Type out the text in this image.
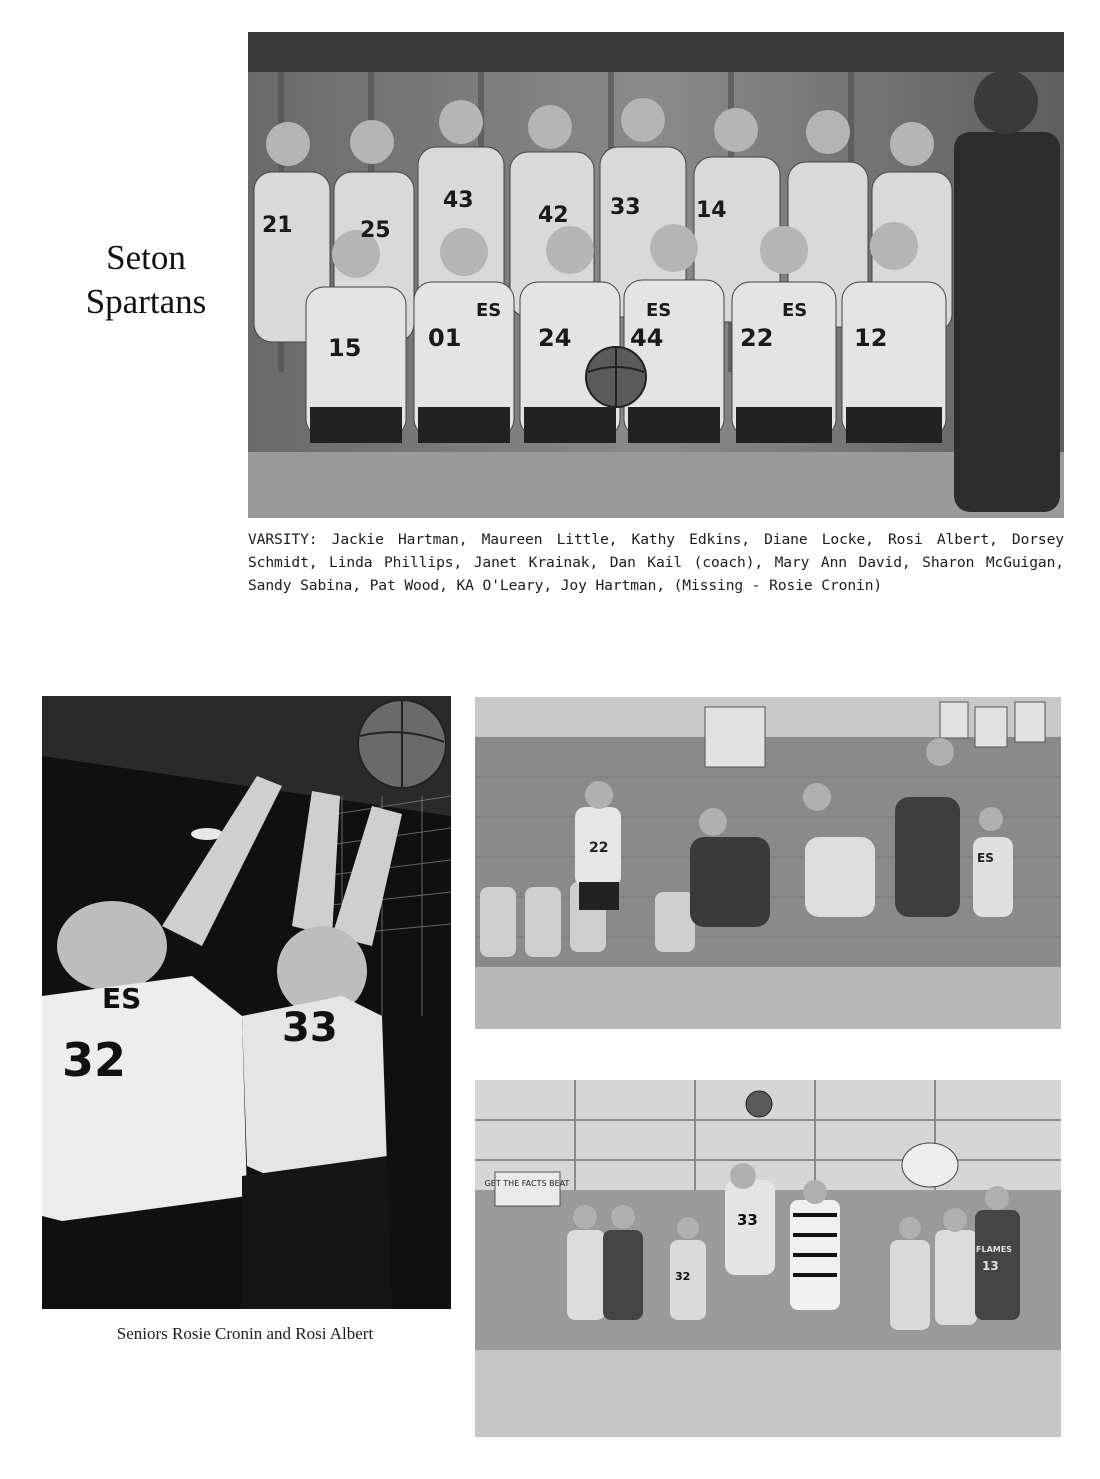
Seton
Spartans
21	25
43
42 33	14
15	01	24 44	22	12
ES	ES	ES
VARSITY: Jackie Hartman, Maureen Little, Kathy Edkins, Diane Locke, Rosi Albert, Dorsey Schmidt, Linda Phillips, Janet Krainak, Dan Kail (coach), Mary Ann David, Sharon McGuigan, Sandy Sabina, Pat Wood, KA O'Leary, Joy Hartman, (Missing - Rosie Cronin)
32
33
ES
Seniors Rosie Cronin and Rosi Albert
22
ES
GET THE FACTS BEAT
33
32
13
FLAMES
